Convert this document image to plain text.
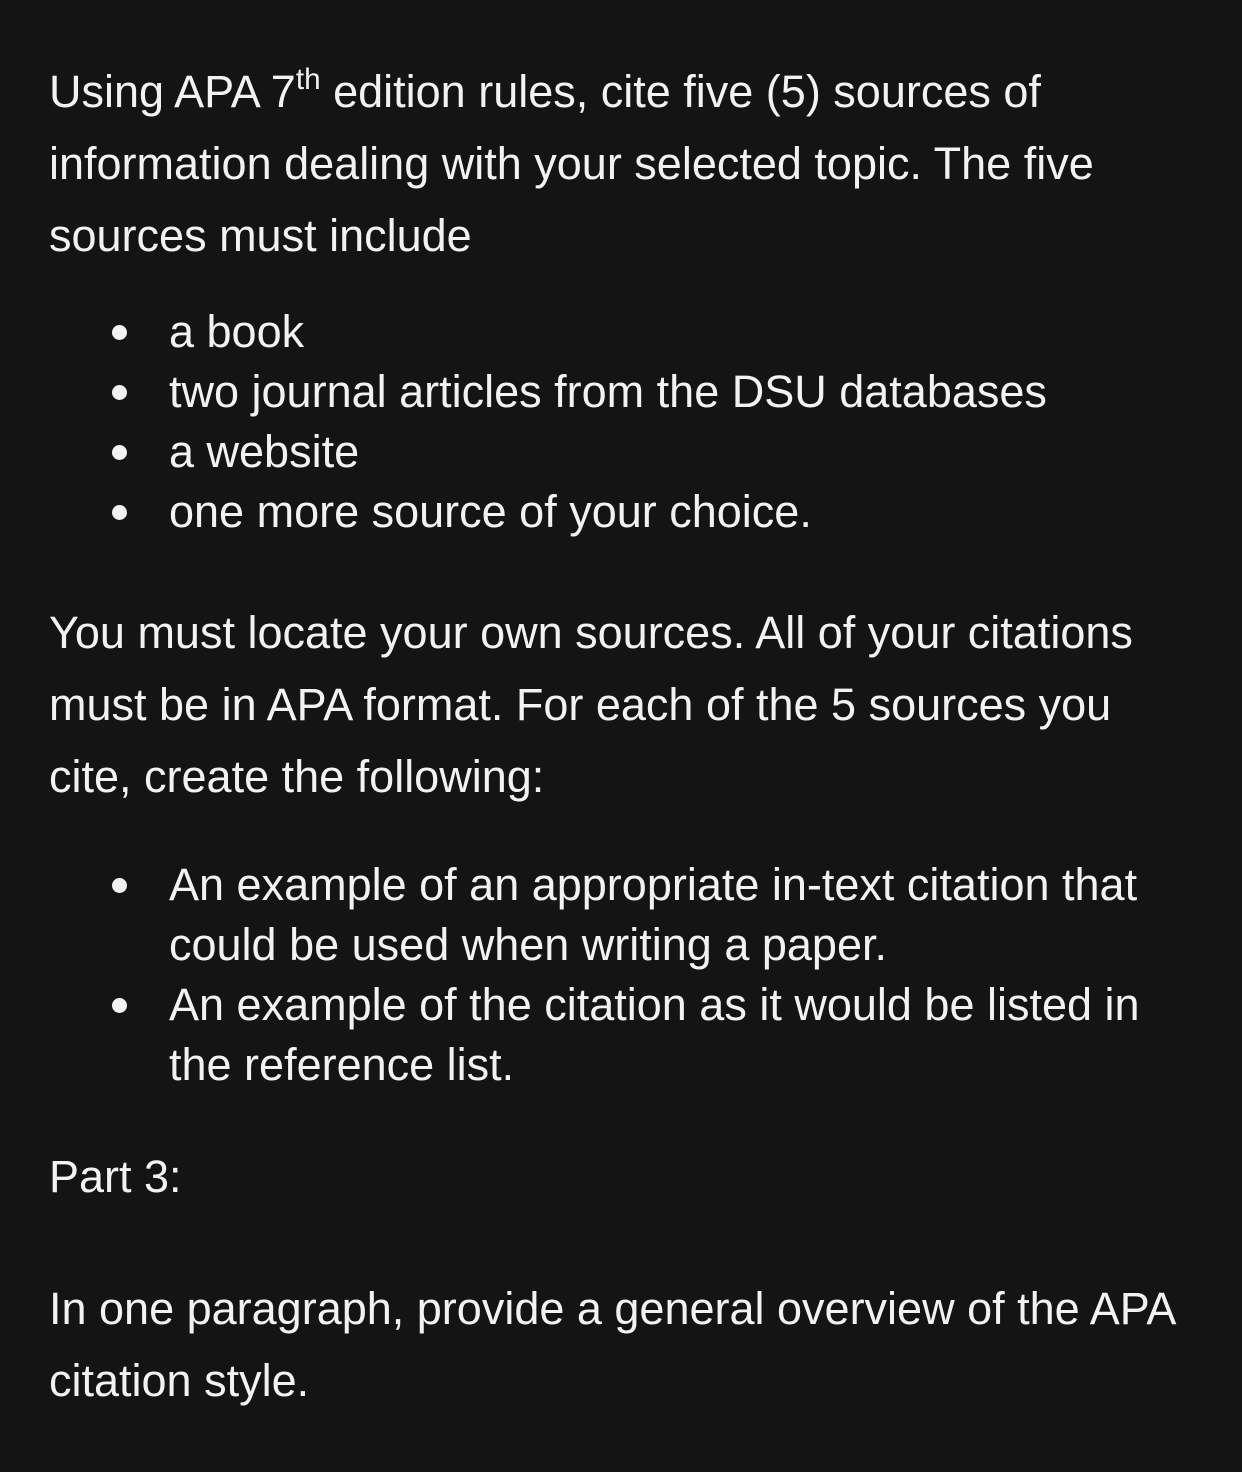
Using APA 7th edition rules, cite five (5) sources of information dealing with your selected topic. The five sources must include

a book
two journal articles from the DSU databases
a website
one more source of your choice.

You must locate your own sources. All of your citations must be in APA format. For each of the 5 sources you cite, create the following:

An example of an appropriate in-text citation that could be used when writing a paper.
An example of the citation as it would be listed in the reference list.

Part 3:

In one paragraph, provide a general overview of the APA citation style.
